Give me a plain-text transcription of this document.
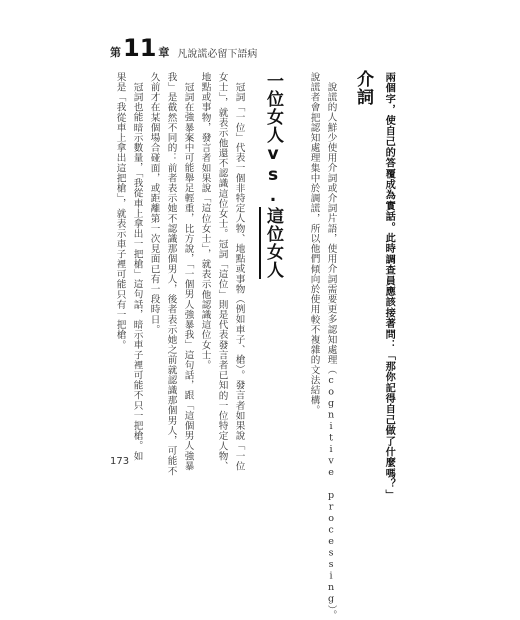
第 11 章 凡說謊必留下語病
兩個字，使自己的答覆成為實話。此時調查員應該接著問：「那你記得自己做了什麼嗎？」
介詞
說謊的人鮮少使用介詞或介詞片語，使用介詞需要更多認知處理（cognitive processing）。
說謊者會把認知處理集中於調謊，所以他們傾向於使用較不複雜的文法結構。
一位女人vs.這位女人
冠詞「一位」代表一個非特定人物、地點或事物（例如車子、槍）。發言者如果說「一位
女士」，就表示他還不認識這位女士。冠詞「這位」則是代表發言者已知的一位特定人物、
地點或事物，發言者如果說「這位女士」，就表示他認識這位女士。
冠詞在強暴案中可能舉足輕重，比方說，「一個男人強暴我」這句話，跟「這個男人強暴
我」是截然不同的：前者表示她不認識那個男人，後者表示她之前就認識那個男人，可能不
久前才在某個場合碰面，或距離第一次見面已有一段時日。
冠詞也能暗示數量，「我從車上拿出一把槍」這句話，暗示車子裡可能不只一把槍。如
果是「我從車上拿出這把槍」，就表示車子裡可能只有一把槍。
173
